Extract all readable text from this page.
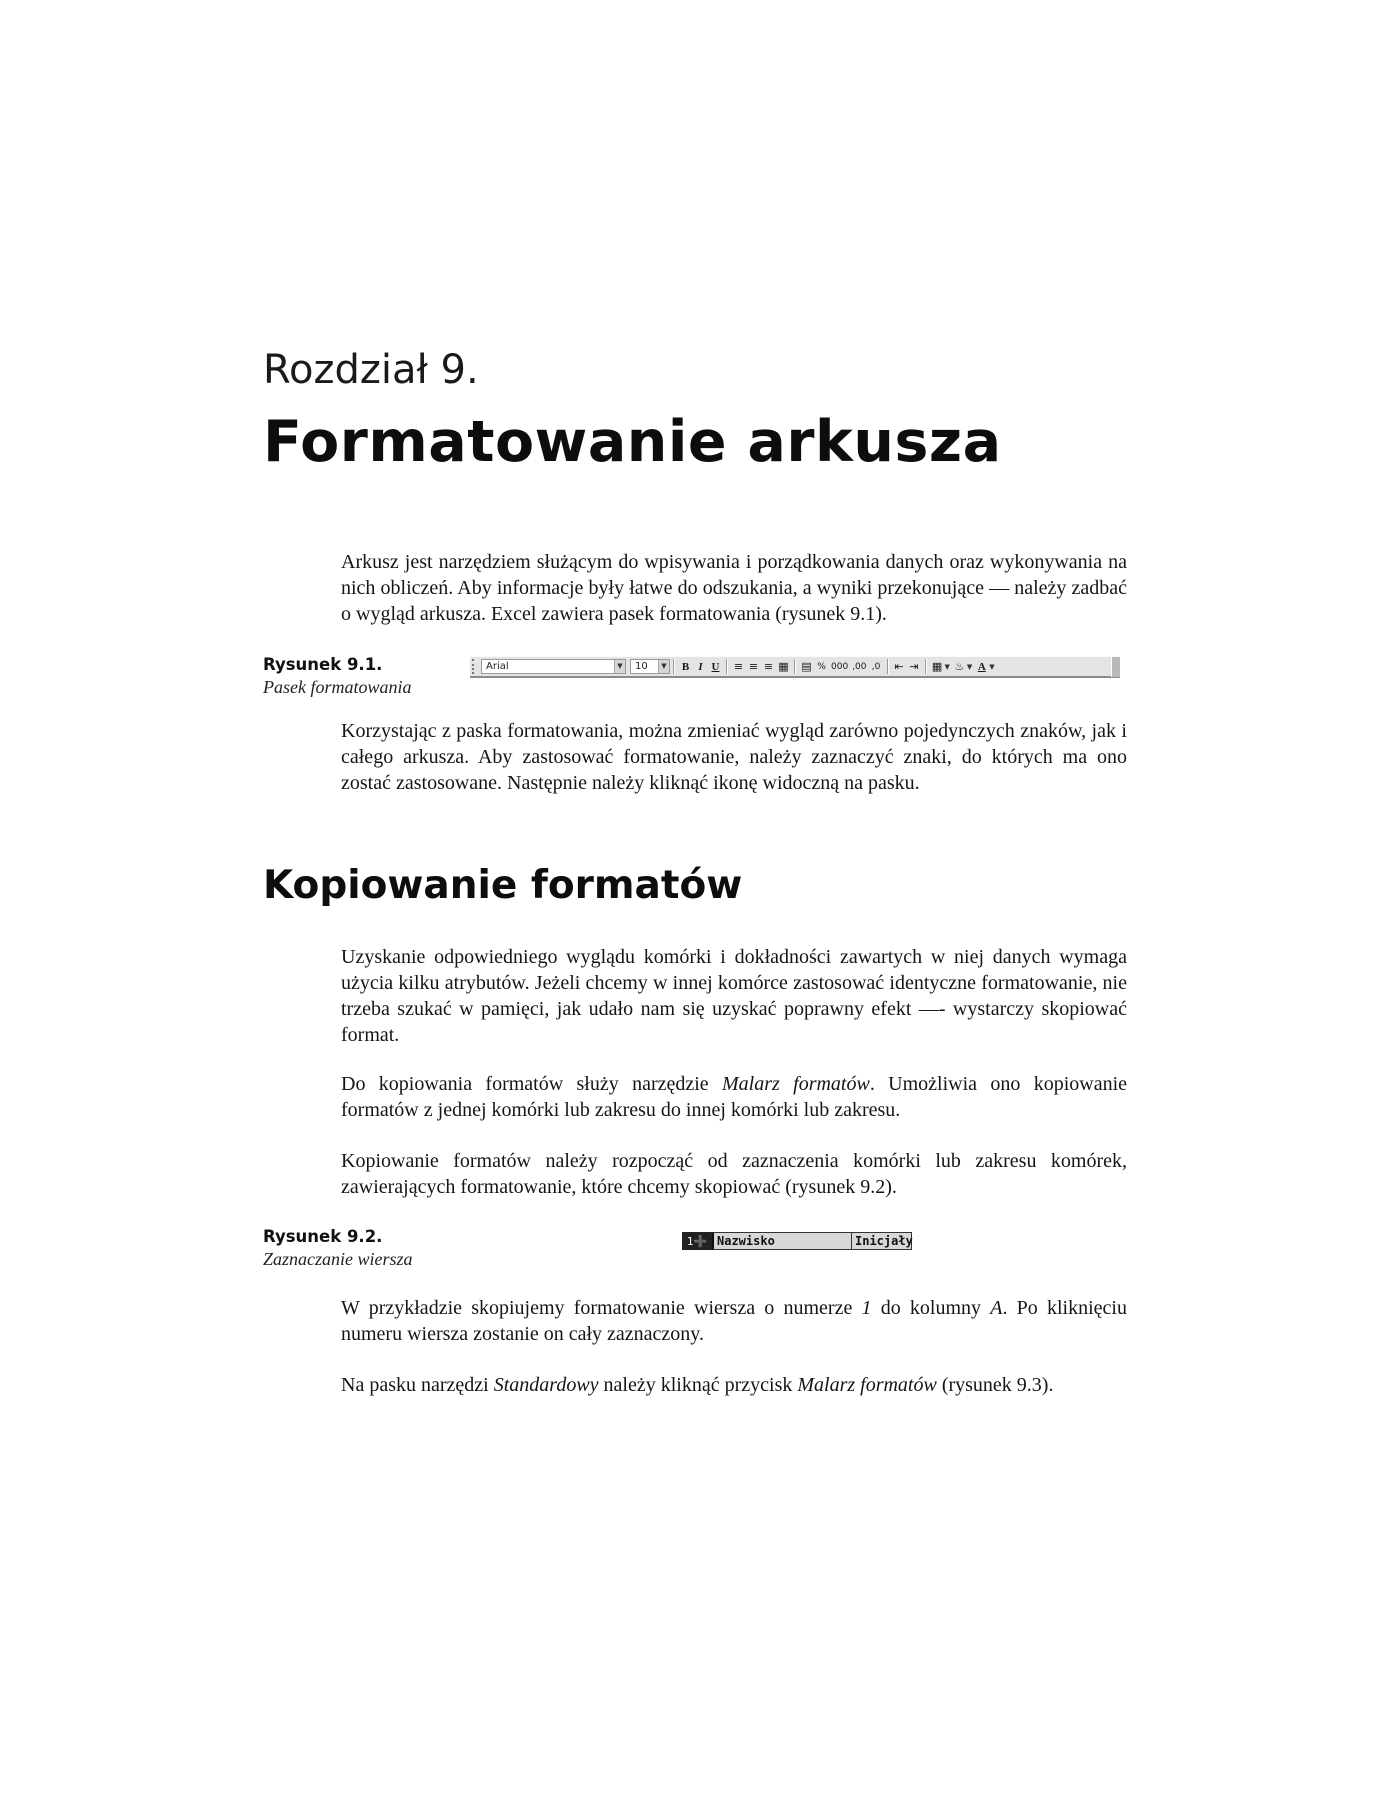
Rozdział 9.
Formatowanie arkusza

Arkusz jest narzędziem służącym do wpisywania i porządkowania danych oraz wykonywania na nich obliczeń. Aby informacje były łatwe do odszukania, a wyniki przekonujące — należy zadbać o wygląd arkusza. Excel zawiera pasek formatowania (rysunek 9.1).

Rysunek 9.1.
Pasek formatowania
Arial	▼ 10	▼ B I U ≡ ≡ ≡ ▦ ▤ % 000 ,00 ,0 ⇤ ⇥ ▦ ▼ ♨ ▼ A ▼

Korzystając z paska formatowania, można zmieniać wygląd zarówno pojedynczych znaków, jak i całego arkusza. Aby zastosować formatowanie, należy zaznaczyć znaki, do których ma ono zostać zastosowane. Następnie należy kliknąć ikonę widoczną na pasku.

Kopiowanie formatów

Uzyskanie odpowiedniego wyglądu komórki i dokładności zawartych w niej danych wymaga użycia kilku atrybutów. Jeżeli chcemy w innej komórce zastosować identyczne formatowanie, nie trzeba szukać w pamięci, jak udało nam się uzyskać poprawny efekt —- wystarczy skopiować format.

Do kopiowania formatów służy narzędzie Malarz formatów. Umożliwia ono kopiowanie formatów z jednej komórki lub zakresu do innej komórki lub zakresu.

Kopiowanie formatów należy rozpocząć od zaznaczenia komórki lub zakresu komórek, zawierających formatowanie, które chcemy skopiować (rysunek 9.2).

Rysunek 9.2.
Zaznaczanie wiersza
1 ➕ Nazwisko	Inicjały

W przykładzie skopiujemy formatowanie wiersza o numerze 1 do kolumny A. Po kliknięciu numeru wiersza zostanie on cały zaznaczony.

Na pasku narzędzi Standardowy należy kliknąć przycisk Malarz formatów (rysunek 9.3).
